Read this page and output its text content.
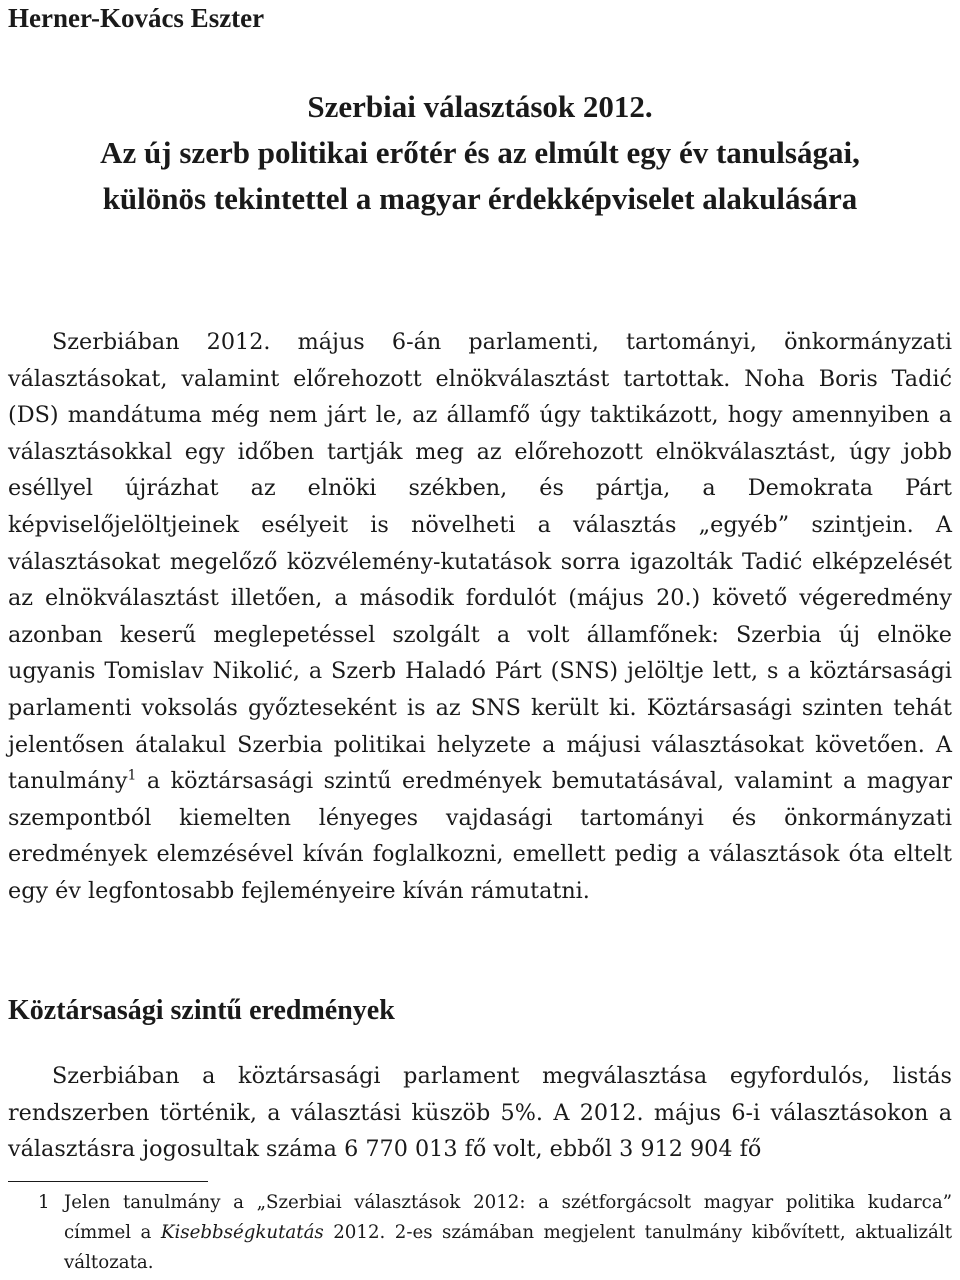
Herner-Kovács Eszter
Szerbiai választások 2012.
Az új szerb politikai erőtér és az elmúlt egy év tanulságai,
különös tekintettel a magyar érdekképviselet alakulására

Szerbiában 2012. május 6-án parlamenti, tartományi, önkormányzati választásokat, valamint előrehozott elnökválasztást tartottak. Noha Boris Tadić (DS) mandátuma még nem járt le, az államfő úgy taktikázott, hogy amennyiben a választásokkal egy időben tartják meg az előrehozott elnökválasztást, úgy jobb eséllyel újrázhat az elnöki székben, és pártja, a Demokrata Párt képviselőjelöltjeinek esélyeit is növelheti a választás „egyéb” szintjein. A választásokat megelőző közvélemény-kutatások sorra igazolták Tadić elképzelését az elnökválasztást illetően, a második fordulót (május 20.) követő végeredmény azonban keserű meglepetéssel szolgált a volt államfőnek: Szerbia új elnöke ugyanis Tomislav Nikolić, a Szerb Haladó Párt (SNS) jelöltje lett, s a köztársasági parlamenti voksolás győzteseként is az SNS került ki. Köztársasági szinten tehát jelentősen átalakul Szerbia politikai helyzete a májusi választásokat követően. A tanulmány$^1$ a köztársasági szintű eredmények bemutatásával, valamint a magyar szempontból kiemelten lényeges vajdasági tartományi és önkormányzati eredmények elemzésével kíván foglalkozni, emellett pedig a választások óta eltelt egy év legfontosabb fejleményeire kíván rámutatni.

Köztársasági szintű eredmények

Szerbiában a köztársasági parlament megválasztása egyfordulós, listás rendszerben történik, a választási küszöb 5%. A 2012. május 6-i választásokon a választásra jogosultak száma 6 770 013 fő volt, ebből 3 912 904 fő

1 Jelen tanulmány a „Szerbiai választások 2012: a szétforgácsolt magyar politika kudarca” címmel a Kisebbségkutatás 2012. 2-es számában megjelent tanulmány kibővített, aktualizált változata.
